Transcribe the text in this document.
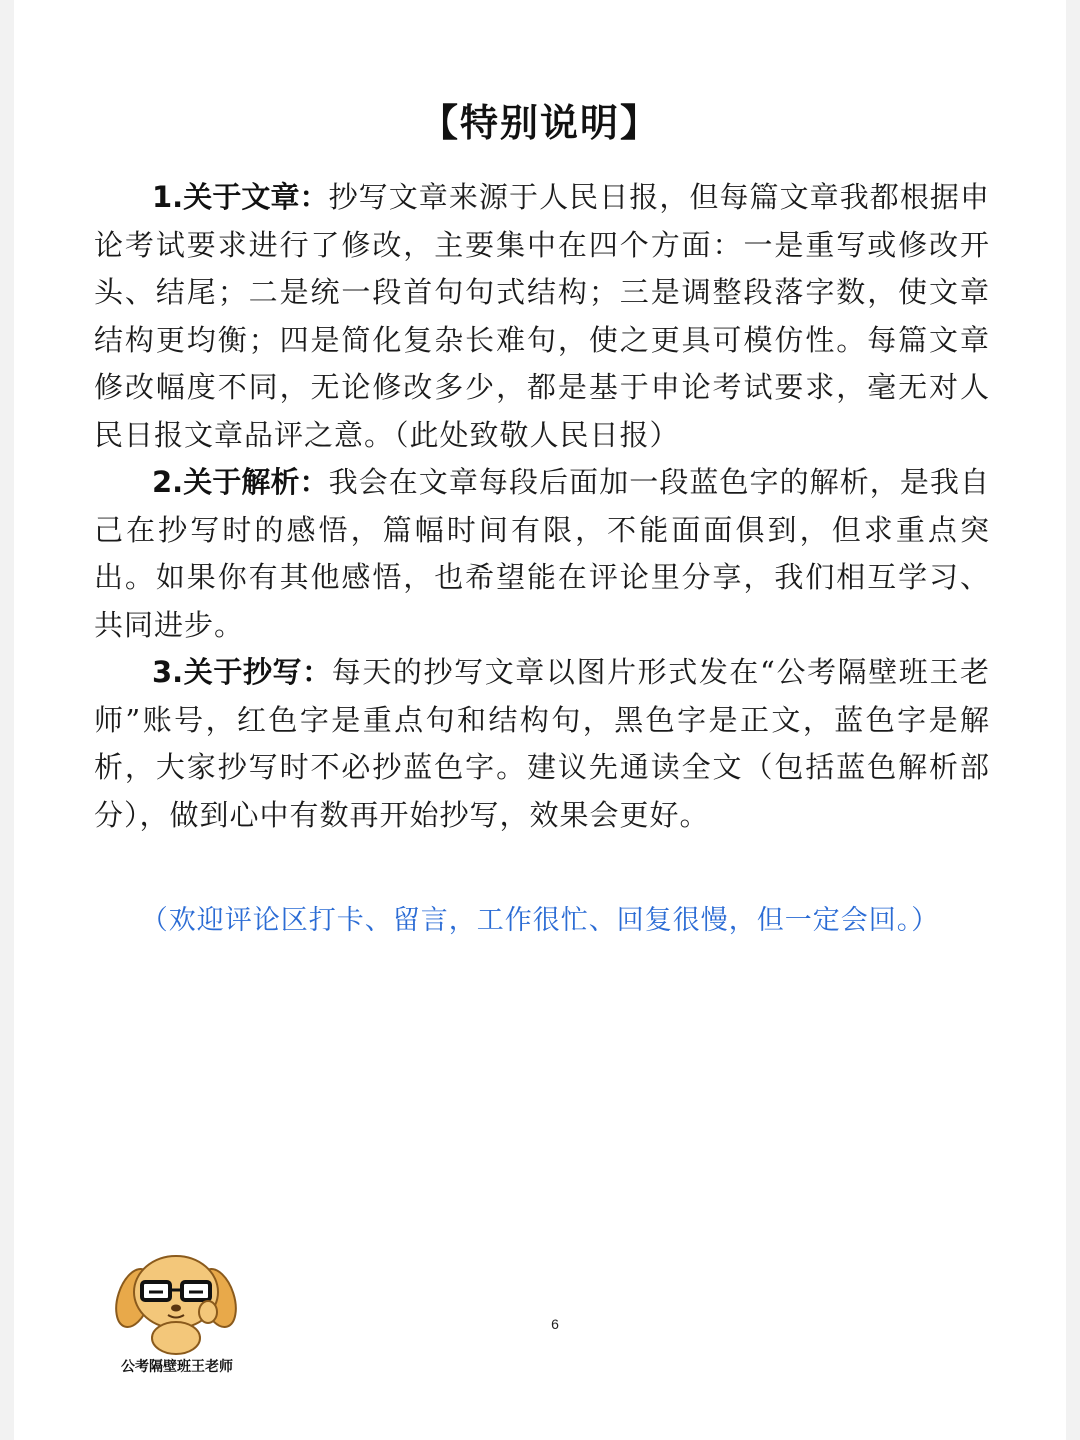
【特别说明】

1.关于文章：抄写文章来源于人民日报，但每篇文章我都根据申论考试要求进行了修改，主要集中在四个方面：一是重写或修改开头、结尾；二是统一段首句句式结构；三是调整段落字数，使文章结构更均衡；四是简化复杂长难句，使之更具可模仿性。每篇文章修改幅度不同，无论修改多少，都是基于申论考试要求，毫无对人民日报文章品评之意。（此处致敬人民日报）

2.关于解析：我会在文章每段后面加一段蓝色字的解析，是我自己在抄写时的感悟，篇幅时间有限，不能面面俱到，但求重点突出。如果你有其他感悟，也希望能在评论里分享，我们相互学习、共同进步。

3.关于抄写：每天的抄写文章以图片形式发在“公考隔壁班王老师”账号，红色字是重点句和结构句，黑色字是正文，蓝色字是解析，大家抄写时不必抄蓝色字。建议先通读全文（包括蓝色解析部分），做到心中有数再开始抄写，效果会更好。

（欢迎评论区打卡、留言，工作很忙、回复很慢，但一定会回。）
6
公考隔壁班王老师
